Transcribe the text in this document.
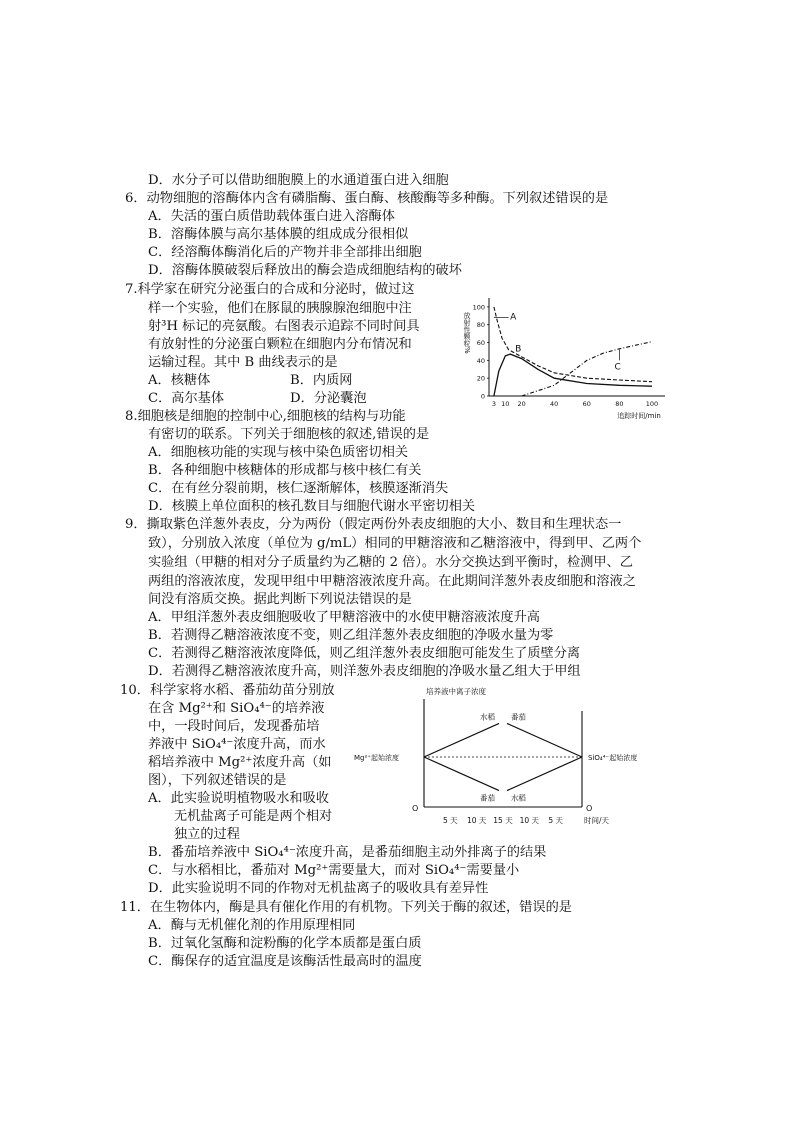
D．水分子可以借助细胞膜上的水通道蛋白进入细胞
6．动物细胞的溶酶体内含有磷脂酶、蛋白酶、核酸酶等多种酶。下列叙述错误的是
A．失活的蛋白质借助载体蛋白进入溶酶体
B．溶酶体膜与高尔基体膜的组成成分很相似
C．经溶酶体酶消化后的产物并非全部排出细胞
D．溶酶体膜破裂后释放出的酶会造成细胞结构的破坏
7.科学家在研究分泌蛋白的合成和分泌时，做过这
样一个实验，他们在豚鼠的胰腺腺泡细胞中注
射³H 标记的亮氨酸。右图表示追踪不同时间具
有放射性的分泌蛋白颗粒在细胞内分布情况和
运输过程。其中 B 曲线表示的是
A．核糖体	B．内质网
C．高尔基体	D．分泌囊泡
8.细胞核是细胞的控制中心,细胞核的结构与功能
有密切的联系。下列关于细胞核的叙述,错误的是
A．细胞核功能的实现与核中染色质密切相关
B．各种细胞中核糖体的形成都与核中核仁有关
C．在有丝分裂前期，核仁逐渐解体，核膜逐渐消失
D．核膜上单位面积的核孔数目与细胞代谢水平密切相关
9．撕取紫色洋葱外表皮，分为两份（假定两份外表皮细胞的大小、数目和生理状态一
致），分别放入浓度（单位为 g/mL）相同的甲糖溶液和乙糖溶液中，得到甲、乙两个
实验组（甲糖的相对分子质量约为乙糖的 2 倍）。水分交换达到平衡时，检测甲、乙
两组的溶液浓度，发现甲组中甲糖溶液浓度升高。在此期间洋葱外表皮细胞和溶液之
间没有溶质交换。据此判断下列说法错误的是
A．甲组洋葱外表皮细胞吸收了甲糖溶液中的水使甲糖溶液浓度升高
B．若测得乙糖溶液浓度不变，则乙组洋葱外表皮细胞的净吸水量为零
C．若测得乙糖溶液浓度降低，则乙组洋葱外表皮细胞可能发生了质壁分离
D．若测得乙糖溶液浓度升高，则洋葱外表皮细胞的净吸水量乙组大于甲组
10．科学家将水稻、番茄幼苗分别放
在含 Mg²⁺和 SiO₄⁴⁻的培养液
中，一段时间后，发现番茄培
养液中 SiO₄⁴⁻浓度升高，而水
稻培养液中 Mg²⁺浓度升高（如
图），下列叙述错误的是
A．此实验说明植物吸水和吸收
无机盐离子可能是两个相对
独立的过程
B．番茄培养液中 SiO₄⁴⁻浓度升高，是番茄细胞主动外排离子的结果
C．与水稻相比，番茄对 Mg²⁺需要量大，而对 SiO₄⁴⁻需要量小
D．此实验说明不同的作物对无机盐离子的吸收具有差异性
11．在生物体内，酶是具有催化作用的有机物。下列关于酶的叙述，错误的是
A．酶与无机催化剂的作用原理相同
B．过氧化氢酶和淀粉酶的化学本质都是蛋白质
C．酶保存的适宜温度是该酶活性最高时的温度
0
20
40
60
80
100
3 10 20	40	60	80	100
追踪时间/min
放射性颗粒%	A
B
C
培养液中离子浓度
Mg²⁺起始浓度	SiO₄⁴⁻起始浓度
O	O
5 天 10 天 15 天 10 天 5 天	时间/天
水稻
番茄
番茄
水稻
